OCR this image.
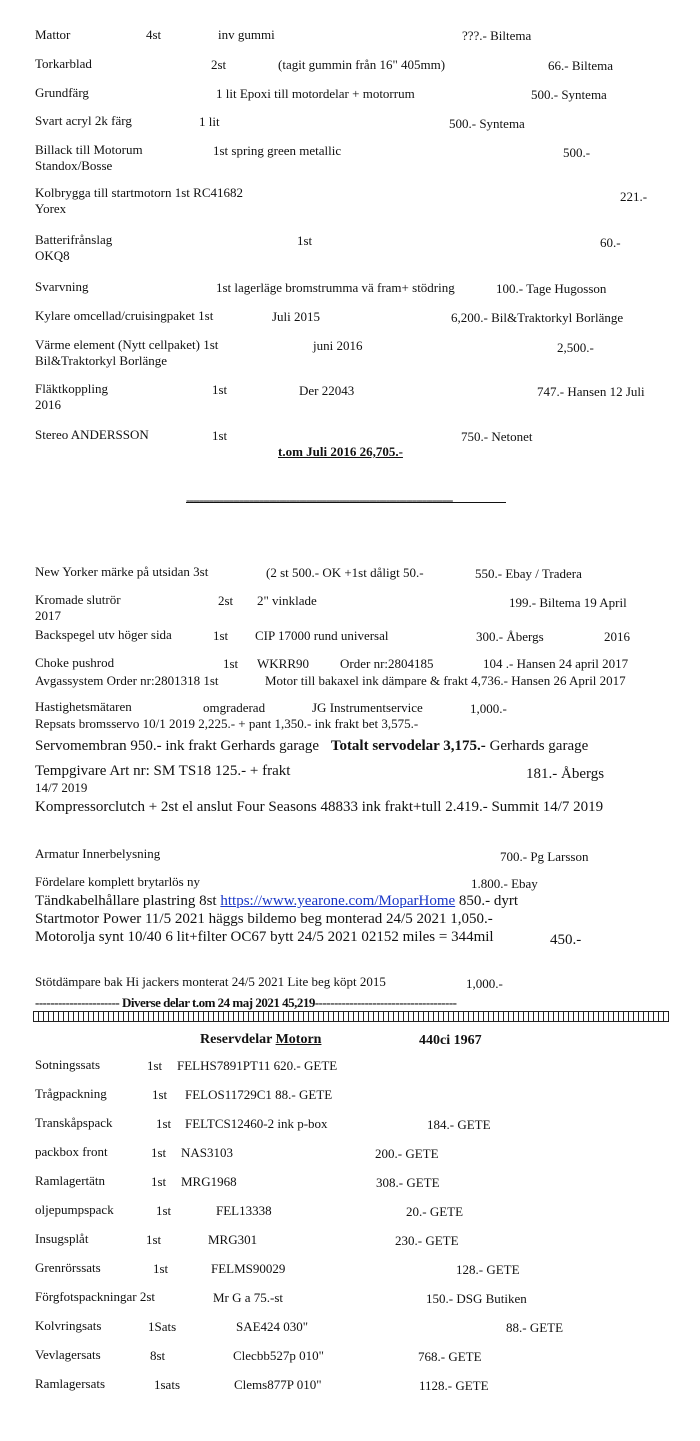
Mattor	4st	inv gummi	???.- Biltema
Torkarblad	2st	(tagit gummin från 16" 405mm)	66.- Biltema
Grundfärg	1 lit Epoxi till motordelar + motorrum	500.- Syntema
Svart acryl 2k färg	1 lit	500.- Syntema
Billack till Motorum	1st spring green metallic	500.-
Standox/Bosse
Kolbrygga till startmotorn 1st RC41682	221.-
Yorex
Batterifrånslag	1st	60.-
OKQ8
Svarvning	1st lagerläge bromstrumma vä fram+ stödring	100.- Tage Hugosson
Kylare omcellad/cruisingpaket 1st	Juli 2015	6,200.- Bil&Traktorkyl Borlänge
Värme element (Nytt cellpaket) 1st	juni 2016	2,500.-
Bil&Traktorkyl Borlänge
Fläktkoppling	1st	Der 22043	747.- Hansen 12 Juli
2016
Stereo ANDERSSON	1st	750.- Netonet
t.om Juli 2016 26,705.-
--------------------------------------------------------------------------------
New Yorker märke på utsidan 3st	(2 st 500.- OK +1st dåligt 50.-	550.- Ebay / Tradera
Kromade slutrör	2st 2" vinklade	199.- Biltema 19 April
2017
Backspegel utv höger sida	1st CIP 17000 rund universal	300.- Åbergs	2016
Choke pushrod	1st WKRR90 Order nr:2804185	104 .- Hansen 24 april 2017
Avgassystem Order nr:2801318 1st	Motor till bakaxel ink dämpare & frakt 4,736.- Hansen 26 April 2017
Hastighetsmätaren	omgraderad	JG Instrumentservice	1,000.-
Repsats bromsservo 10/1 2019 2,225.- + pant 1,350.- ink frakt bet 3,575.-
Servomembran 950.- ink frakt Gerhards garage Totalt servodelar 3,175.- Gerhards garage
Tempgivare Art nr: SM TS18 125.- + frakt	181.- Åbergs
14/7 2019
Kompressorclutch + 2st el anslut Four Seasons 48833 ink frakt+tull 2.419.- Summit 14/7 2019
Armatur Innerbelysning	700.- Pg Larsson
Fördelare komplett brytarlös ny	1.800.- Ebay
Tändkabelhållare plastring 8st https://www.yearone.com/MoparHome 850.- dyrt
Startmotor Power 11/5 2021 häggs bildemo beg monterad 24/5 2021 1,050.-
Motorolja synt 10/40 6 lit+filter OC67 bytt 24/5 2021 02152 miles = 344mil	450.-
Stötdämpare bak Hi jackers monterat 24/5 2021 Lite beg köpt 2015	1,000.-
---------------------- Diverse delar t.om 24 maj 2021 45,219-------------------------------------
Reservdelar Motorn	440ci 1967
Sotningssats	1st FELHS7891PT11 620.- GETE
Trågpackning	1st FELOS11729C1 88.- GETE
Transkåpspack	1st FELTCS12460-2 ink p-box	184.- GETE
packbox front	1st NAS3103	200.- GETE
Ramlagertätn	1st MRG1968	308.- GETE
oljepumpspack	1st	FEL13338	20.- GETE
Insugsplåt	1st	MRG301	230.- GETE
Grenrörssats	1st	FELMS90029	128.- GETE
Förgfotspackningar 2st	Mr G a 75.-st	150.- DSG Butiken
Kolvringsats	1Sats	SAE424 030"	88.- GETE
Vevlagersats	8st	Clecbb527p 010"	768.- GETE
Ramlagersats	1sats	Clems877P 010"	1128.- GETE
